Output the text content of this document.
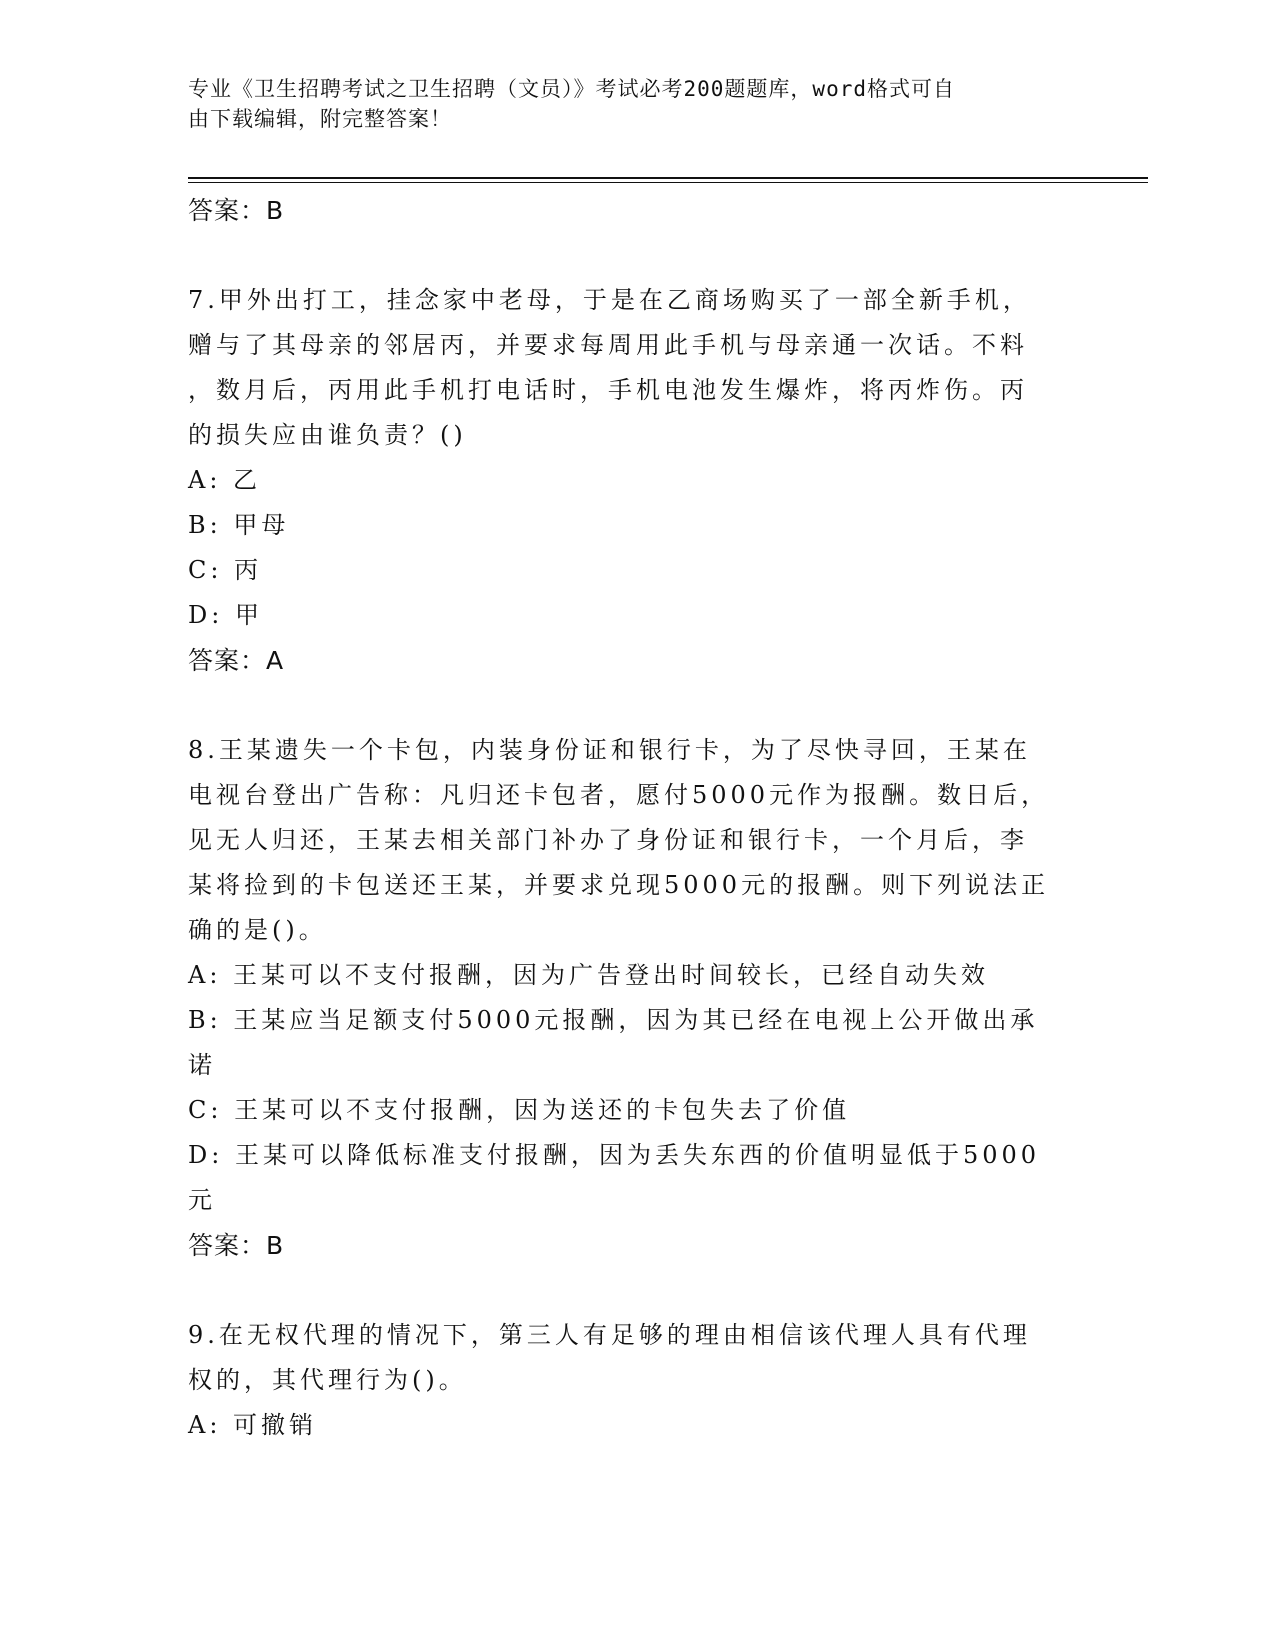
专业《卫生招聘考试之卫生招聘（文员）》考试必考200题题库，word格式可自
由下载编辑，附完整答案！

答案：B

7.甲外出打工，挂念家中老母，于是在乙商场购买了一部全新手机，

赠与了其母亲的邻居丙，并要求每周用此手机与母亲通一次话。不料

，数月后，丙用此手机打电话时，手机电池发生爆炸，将丙炸伤。丙

的损失应由谁负责？()

A: 乙

B: 甲母

C: 丙

D: 甲

答案：A

8.王某遗失一个卡包，内装身份证和银行卡，为了尽快寻回，王某在

电视台登出广告称：凡归还卡包者，愿付5000元作为报酬。数日后，

见无人归还，王某去相关部门补办了身份证和银行卡，一个月后，李

某将捡到的卡包送还王某，并要求兑现5000元的报酬。则下列说法正

确的是()。

A: 王某可以不支付报酬，因为广告登出时间较长，已经自动失效

B: 王某应当足额支付5000元报酬，因为其已经在电视上公开做出承

诺

C: 王某可以不支付报酬，因为送还的卡包失去了价值

D: 王某可以降低标准支付报酬，因为丢失东西的价值明显低于5000

元

答案：B

9.在无权代理的情况下，第三人有足够的理由相信该代理人具有代理

权的，其代理行为()。

A: 可撤销
